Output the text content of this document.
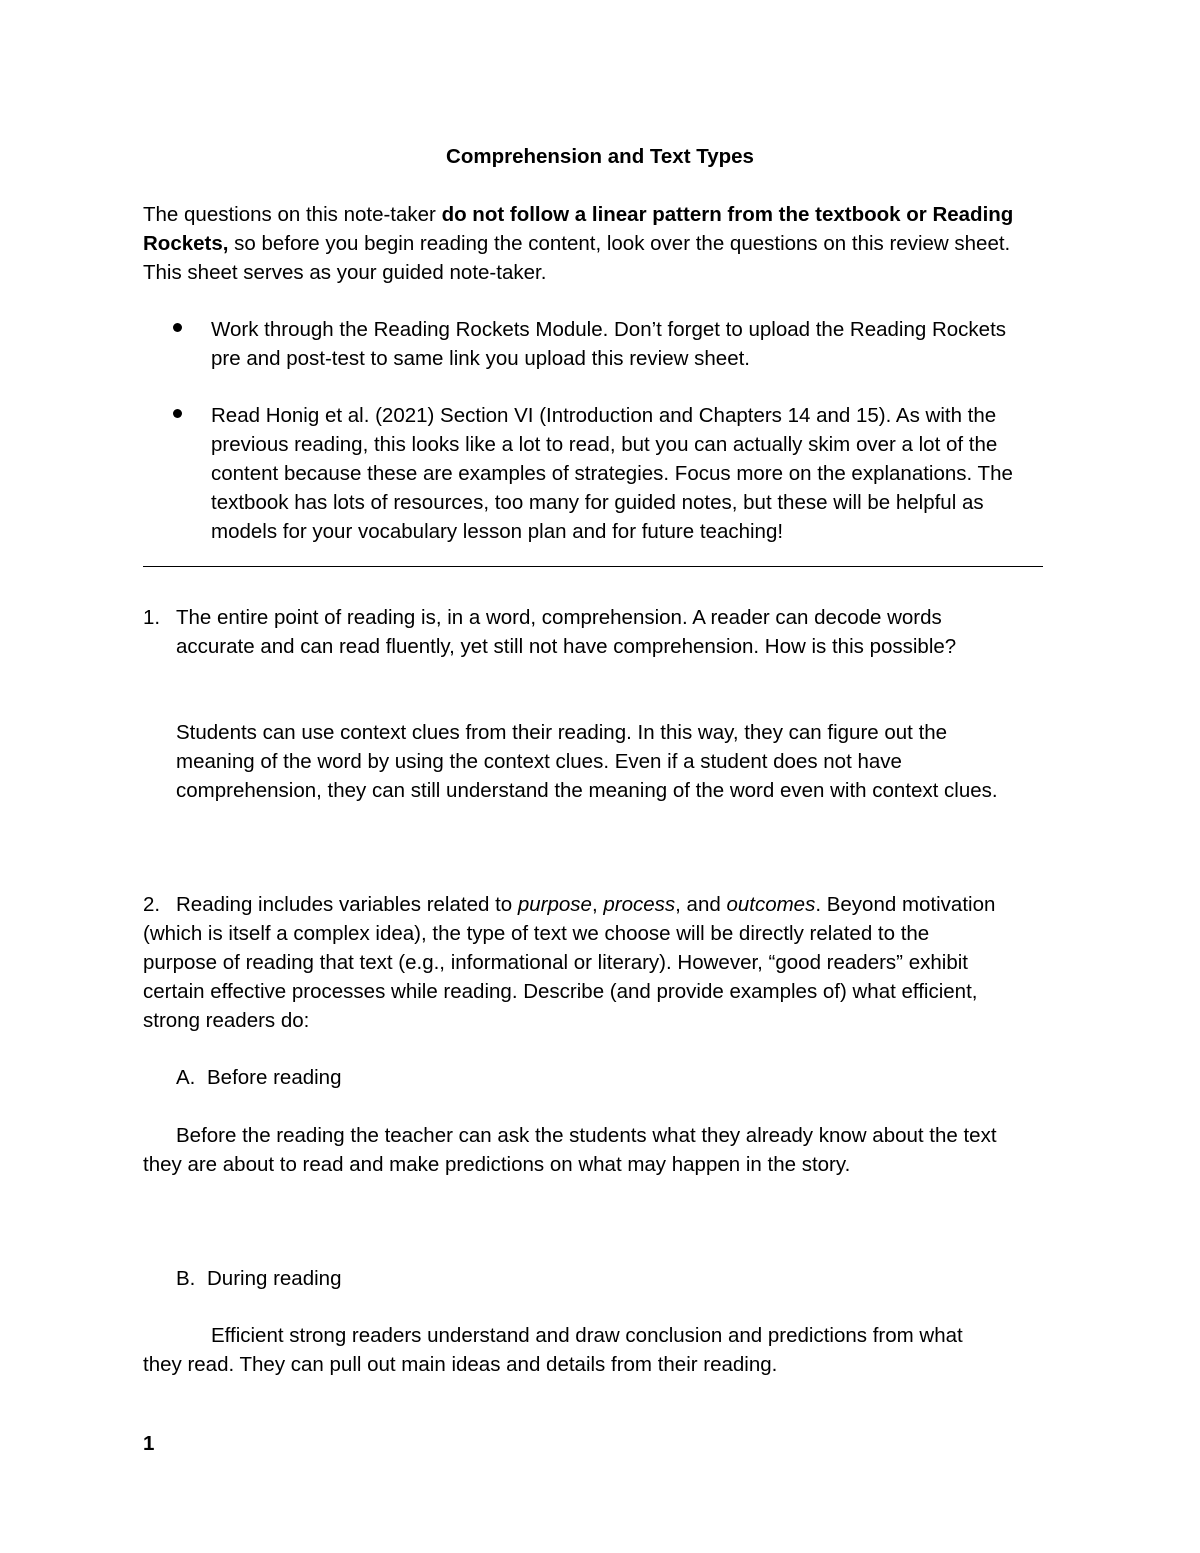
Comprehension and Text Types
The questions on this note-taker do not follow a linear pattern from the textbook or Reading
Rockets, so before you begin reading the content, look over the questions on this review sheet.
This sheet serves as your guided note-taker.
Work through the Reading Rockets Module. Don’t forget to upload the Reading Rockets
pre and post-test to same link you upload this review sheet.
Read Honig et al. (2021) Section VI (Introduction and Chapters 14 and 15). As with the
previous reading, this looks like a lot to read, but you can actually skim over a lot of the
content because these are examples of strategies. Focus more on the explanations. The
textbook has lots of resources, too many for guided notes, but these will be helpful as
models for your vocabulary lesson plan and for future teaching!
1. The entire point of reading is, in a word, comprehension. A reader can decode words
accurate and can read fluently, yet still not have comprehension. How is this possible?
Students can use context clues from their reading. In this way, they can figure out the
meaning of the word by using the context clues. Even if a student does not have
comprehension, they can still understand the meaning of the word even with context clues.
2. Reading includes variables related to purpose, process, and outcomes. Beyond motivation
(which is itself a complex idea), the type of text we choose will be directly related to the
purpose of reading that text (e.g., informational or literary). However, “good readers” exhibit
certain effective processes while reading. Describe (and provide examples of) what efficient,
strong readers do:
A. Before reading
Before the reading the teacher can ask the students what they already know about the text
they are about to read and make predictions on what may happen in the story.
B. During reading
Efficient strong readers understand and draw conclusion and predictions from what
they read. They can pull out main ideas and details from their reading.
1
